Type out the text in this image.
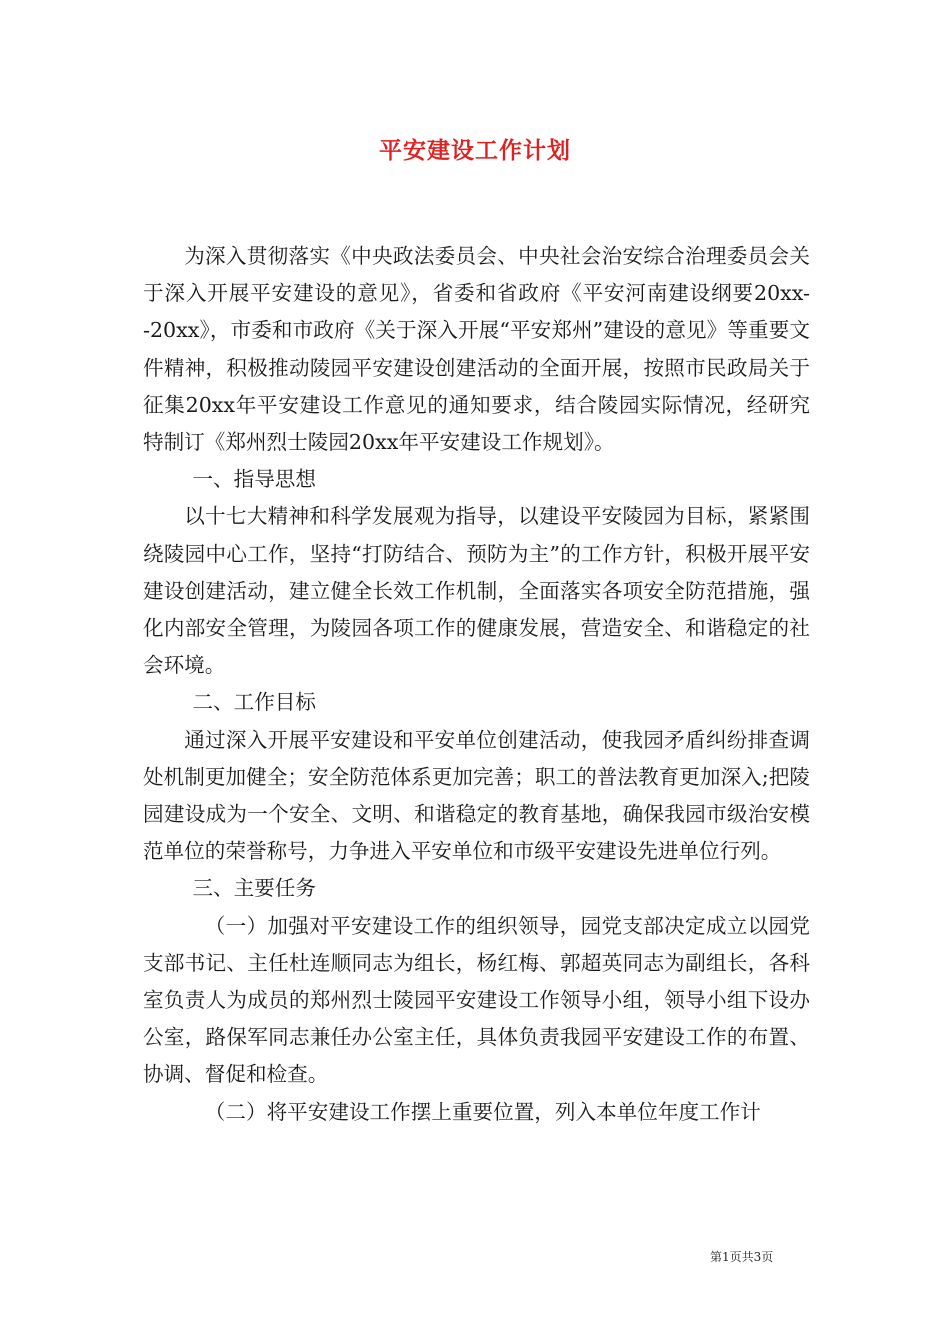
平安建设工作计划

为深入贯彻落实《中央政法委员会、中央社会治安综合治理委员会关于深入开展平安建设的意见》，省委和省政府《平安河南建设纲要20xx--20xx》，市委和市政府《关于深入开展“平安郑州”建设的意见》等重要文件精神，积极推动陵园平安建设创建活动的全面开展，按照市民政局关于征集20xx年平安建设工作意见的通知要求，结合陵园实际情况，经研究特制订《郑州烈士陵园20xx年平安建设工作规划》。

一、指导思想

以十七大精神和科学发展观为指导，以建设平安陵园为目标，紧紧围绕陵园中心工作，坚持“打防结合、预防为主”的工作方针，积极开展平安建设创建活动，建立健全长效工作机制，全面落实各项安全防范措施，强化内部安全管理，为陵园各项工作的健康发展，营造安全、和谐稳定的社会环境。

二、工作目标

通过深入开展平安建设和平安单位创建活动，使我园矛盾纠纷排查调处机制更加健全；安全防范体系更加完善；职工的普法教育更加深入;把陵园建设成为一个安全、文明、和谐稳定的教育基地，确保我园市级治安模范单位的荣誉称号，力争进入平安单位和市级平安建设先进单位行列。

三、主要任务

（一）加强对平安建设工作的组织领导，园党支部决定成立以园党支部书记、主任杜连顺同志为组长，杨红梅、郭超英同志为副组长，各科室负责人为成员的郑州烈士陵园平安建设工作领导小组，领导小组下设办公室，路保军同志兼任办公室主任，具体负责我园平安建设工作的布置、协调、督促和检查。

（二）将平安建设工作摆上重要位置，列入本单位年度工作计

第1页共3页
